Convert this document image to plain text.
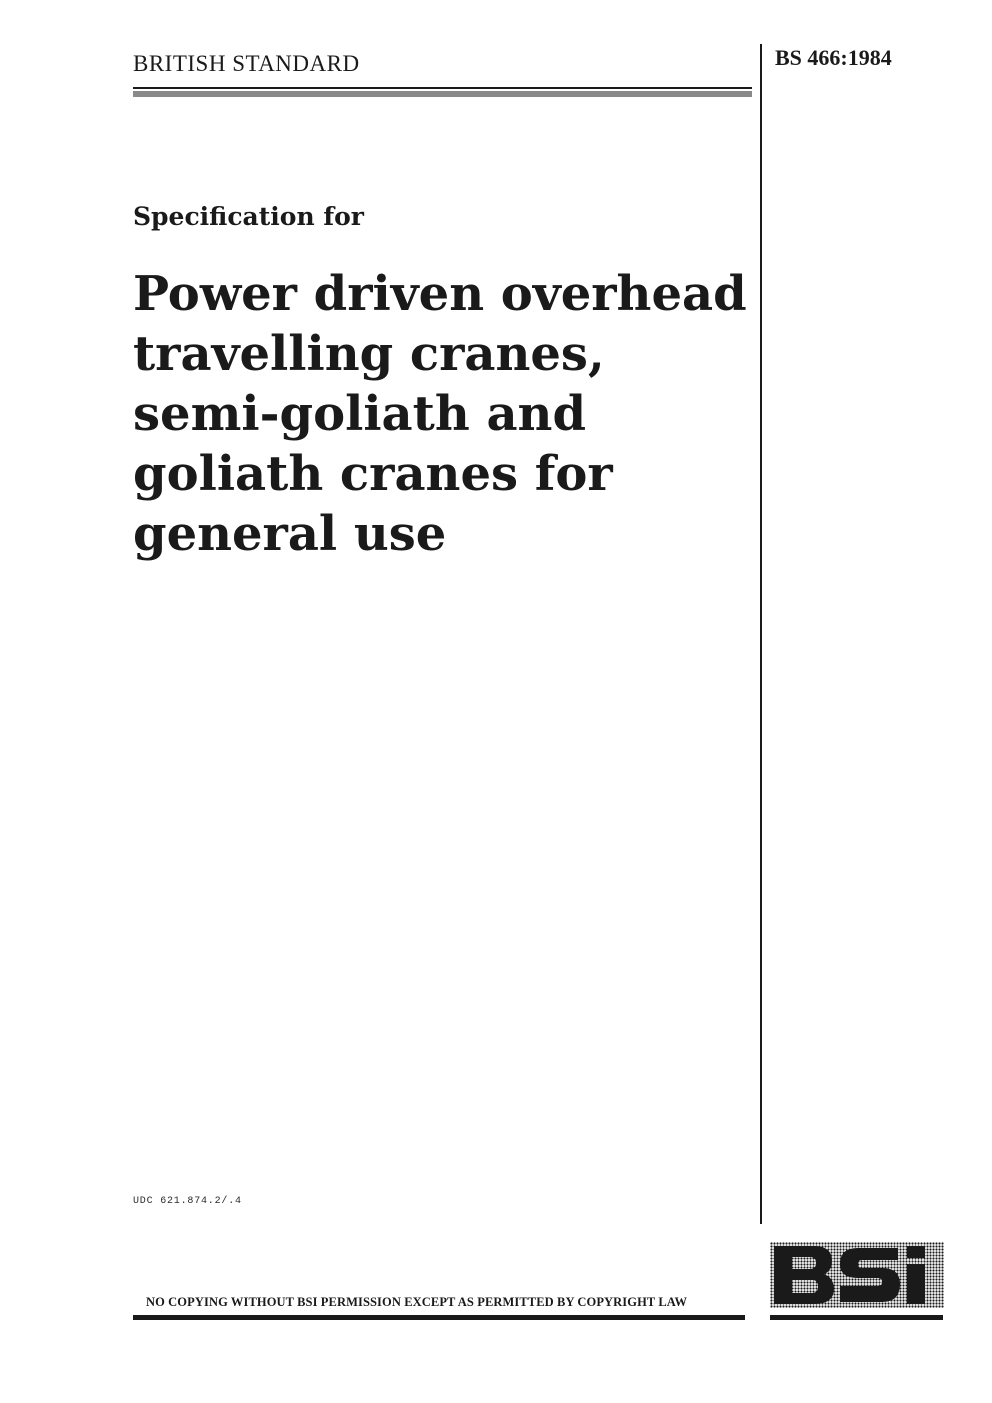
BRITISH STANDARD	BS 466:1984
Specification for
Power driven overhead
travelling cranes,
semi-goliath and
goliath cranes for
general use
UDC 621.874.2/.4
NO COPYING WITHOUT BSI PERMISSION EXCEPT AS PERMITTED BY COPYRIGHT LAW
